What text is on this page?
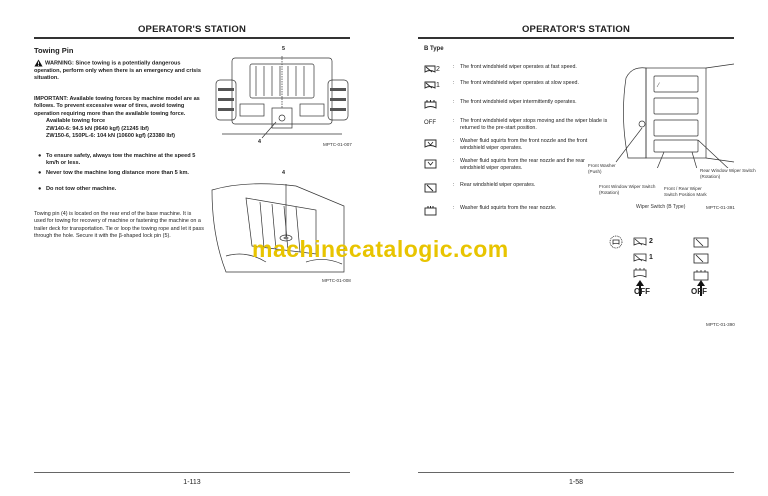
OPERATOR'S STATION
Towing Pin
WARNING: Since towing is a potentially dangerous operation, perform only when there is an emergency and crisis situation.
IMPORTANT: Available towing forces by machine model are as follows. To prevent excessive wear of tires, avoid towing operation requiring more than the available towing force.
Available towing force
ZW140-6: 94.5 kN (9640 kgf) (21245 lbf)
ZW150-6, 150PL-6: 104 kN (10600 kgf) (23380 lbf)
● To ensure safety, always tow the machine at the speed 5 km/h or less.
● Never tow the machine long distance more than 5 km.
● Do not tow other machine.
Towing pin (4) is located on the rear end of the base machine. It is used for towing for recovery of machine or fastening the machine on a trailer deck for transportation. Tie or loop the towing rope and let it pass through the hole. Secure it with the β-shaped lock pin (5).
5
4	MPTC-01-007
4
MPTC-01-008
1-113
OPERATOR'S STATION
B Type
2	: The front windshield wiper operates at fast speed.
1	: The front windshield wiper operates at slow speed.
: The front windshield wiper intermittently operates.
OFF	: The front windshield wiper stops moving and the wiper blade is returned to the pre-start position.
: Washer fluid squirts from the front nozzle and the front windshield wiper operates.
: Washer fluid squirts from the rear nozzle and the rear windshield wiper operates.
: Rear windshield wiper operates.
: Washer fluid squirts from the rear nozzle.
⁄
Front Washer
(Push)	Rear Window Wiper Switch
(Rotation)
Front Window Wiper Switch
(Rotation)
Front / Rear Wiper
Switch Position Mark
Wiper Switch (B Type)	MPTC-01-391
2
1
OFF	OFF
MPTC-01-390
1-58
machinecatalogic.com
